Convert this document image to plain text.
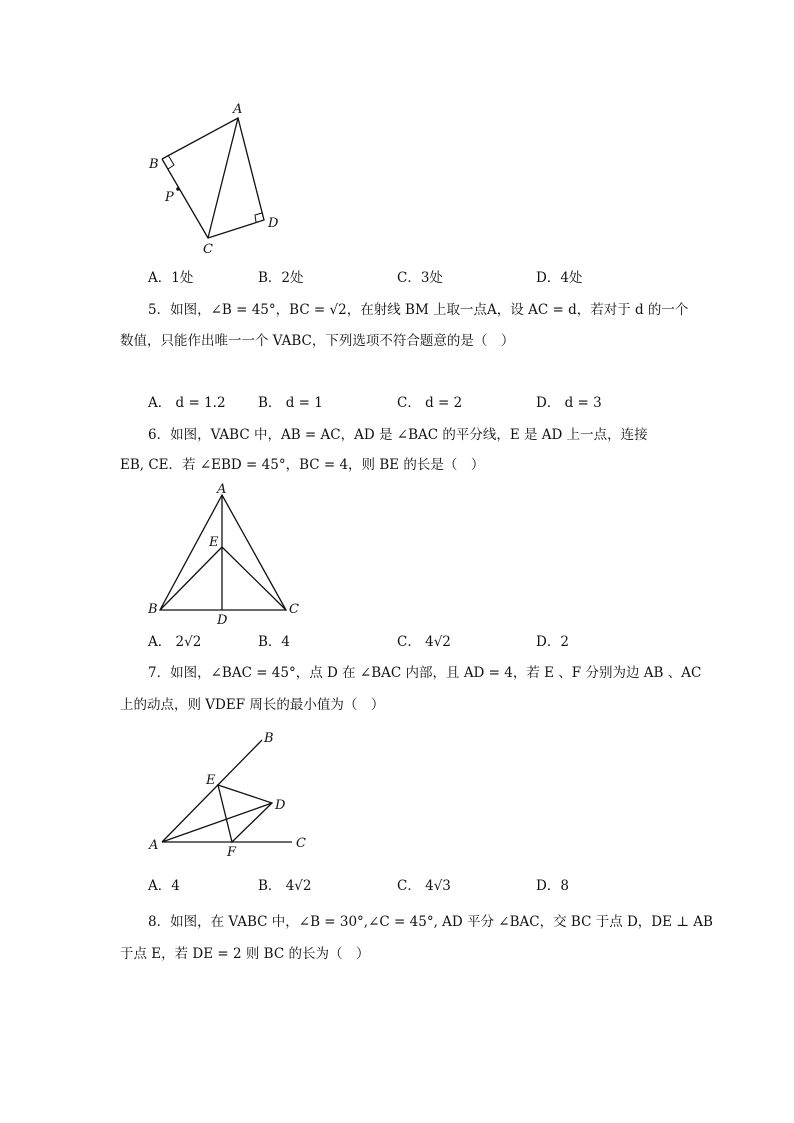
A
B
P
D
C
A．1处	B．2处	C．3处	D．4处
5．如图，∠B = 45°，BC = √2，在射线 BM 上取一点A，设 AC = d，若对于 d 的一个
数值，只能作出唯一一个 VABC，下列选项不符合题意的是（　）
A． d = 1.2 B． d = 1	C． d = 2	D． d = 3
6．如图，VABC 中，AB = AC，AD 是 ∠BAC 的平分线，E 是 AD 上一点，连接
EB, CE．若 ∠EBD = 45°，BC = 4，则 BE 的长是（　）
A
E
B
D
C
A． 2√2	B．4	C． 4√2	D．2
7．如图，∠BAC = 45°，点 D 在 ∠BAC 内部，且 AD = 4，若 E 、F 分别为边 AB 、AC
上的动点，则 VDEF 周长的最小值为（　）
B
E
D
A	F
C
A．4	B． 4√2	C． 4√3	D．8
8．如图，在 VABC 中，∠B = 30°,∠C = 45°, AD 平分 ∠BAC，交 BC 于点 D，DE ⊥ AB
于点 E，若 DE = 2 则 BC 的长为（　）
